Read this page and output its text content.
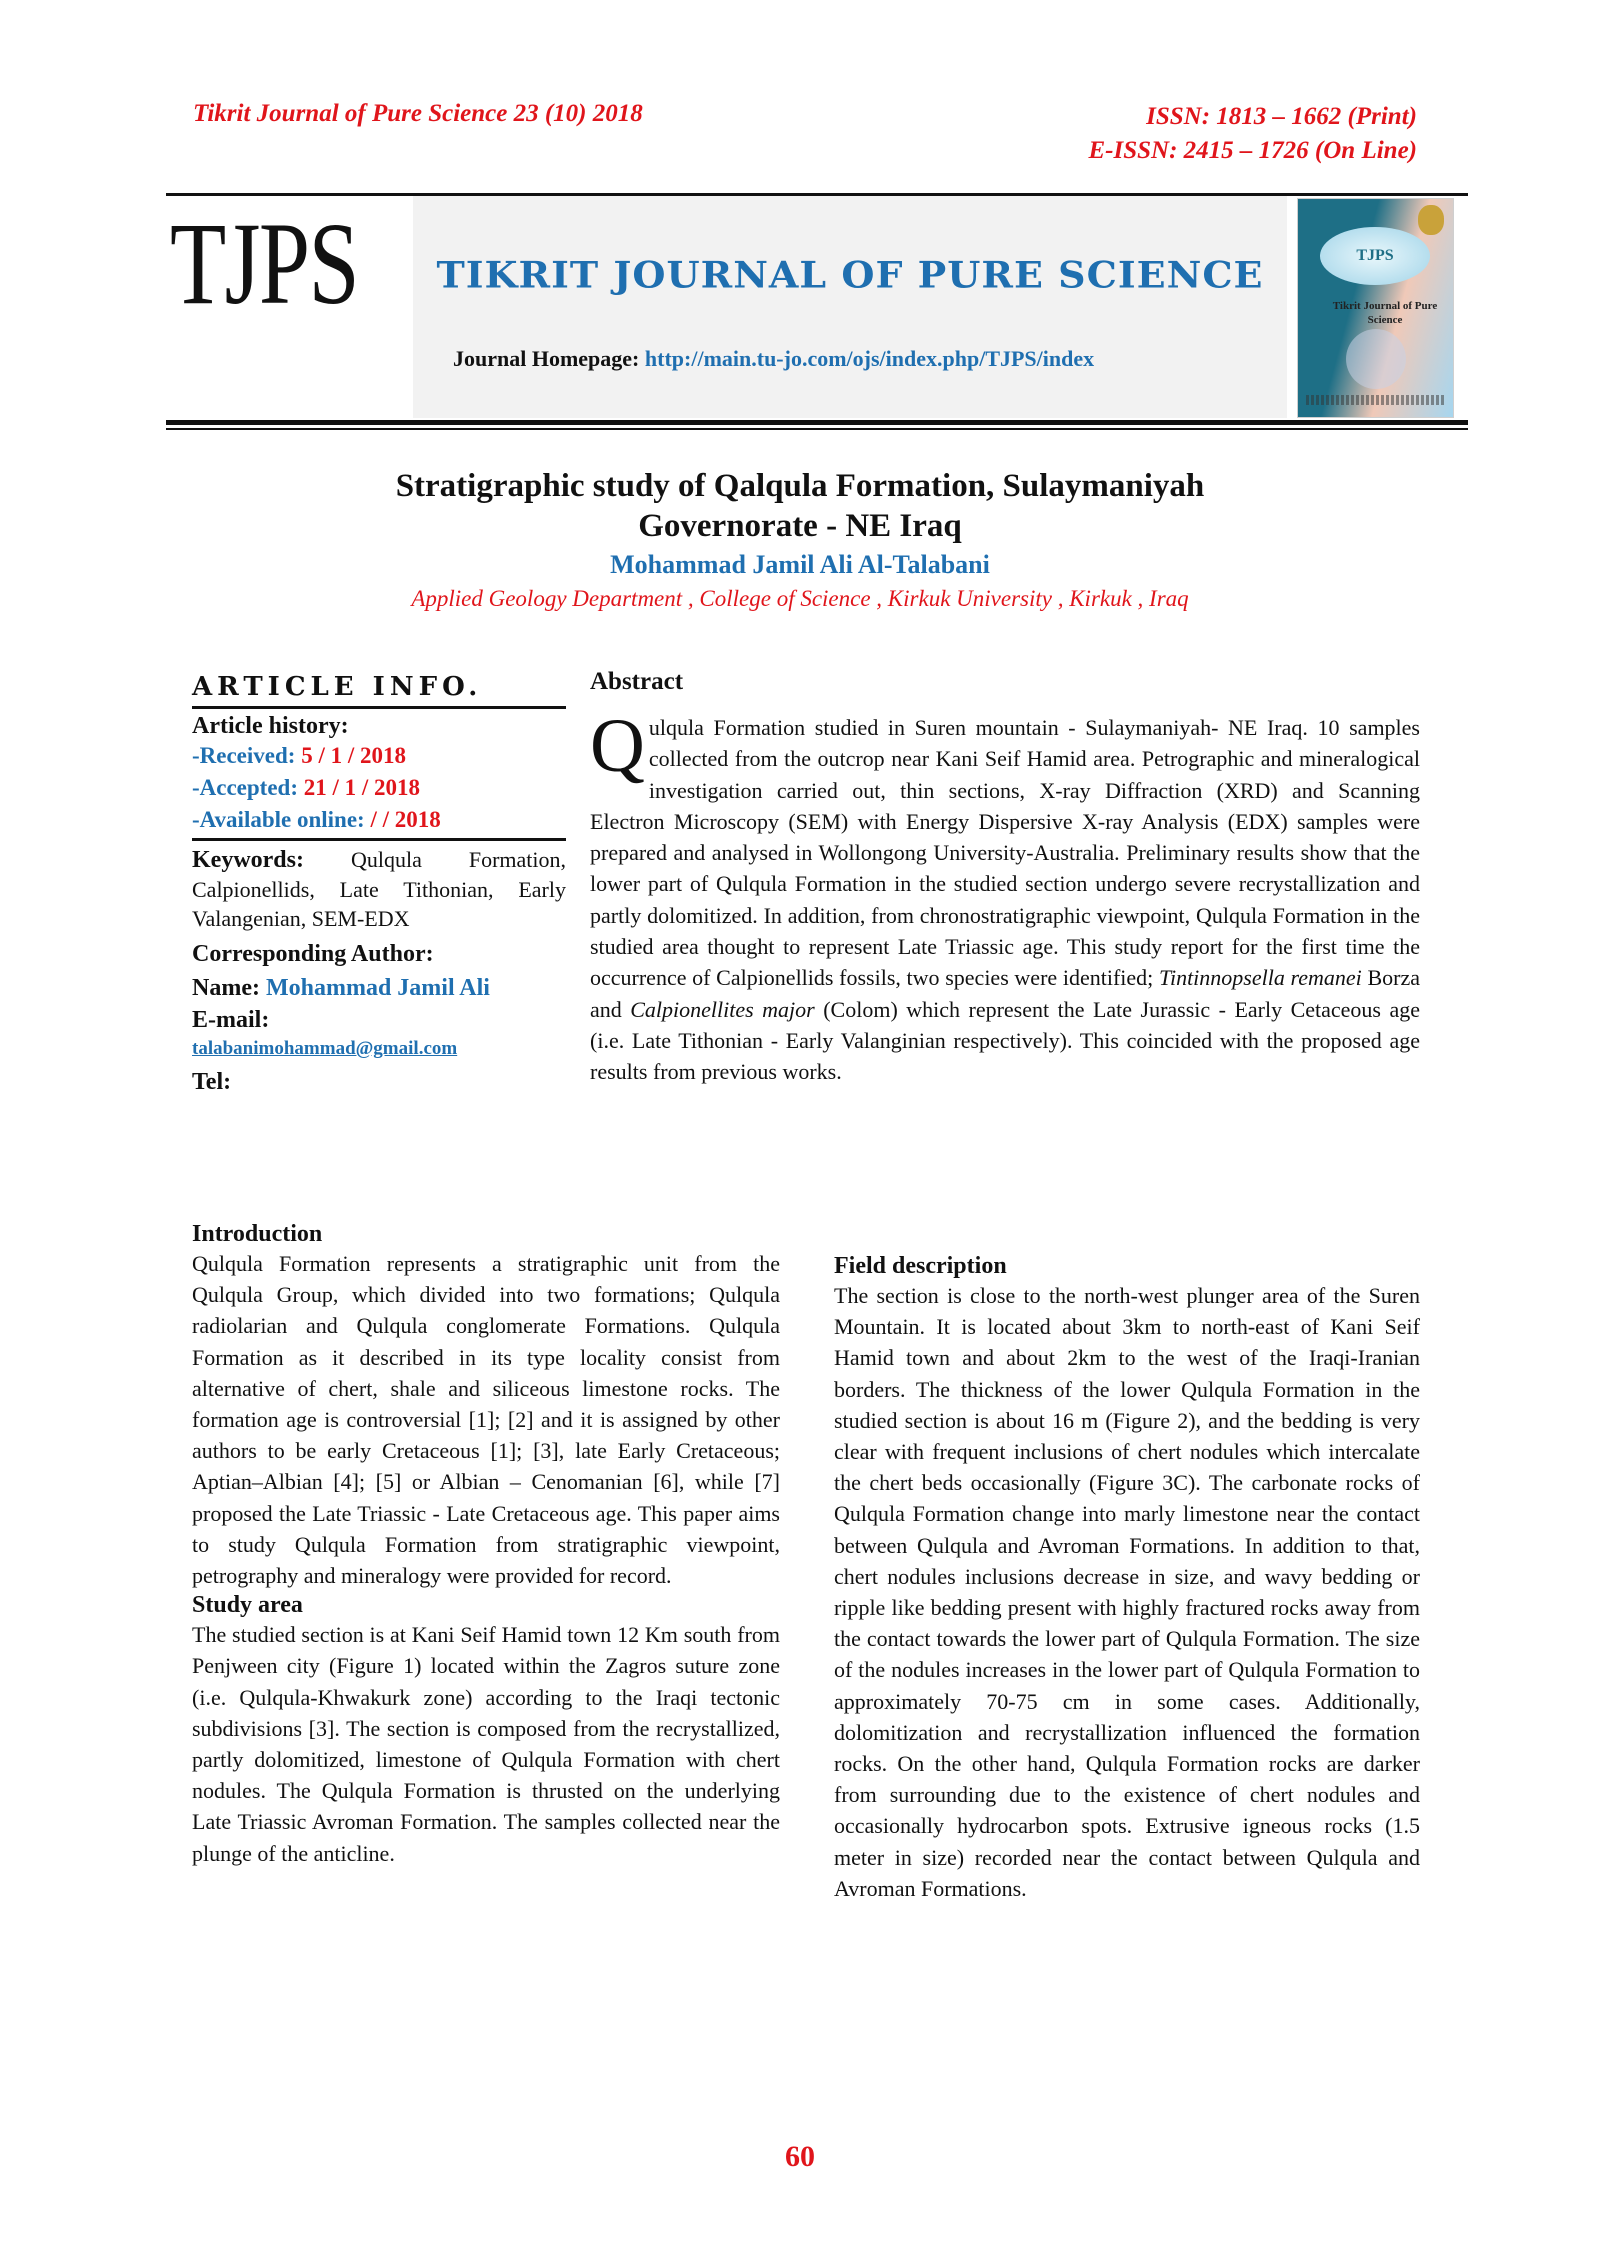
Tikrit Journal of Pure Science 23 (10) 2018	ISSN: 1813 – 1662 (Print)
E-ISSN: 2415 – 1726 (On Line)
TJPS	TIKRIT JOURNAL OF PURE SCIENCE
Journal Homepage: http://main.tu-jo.com/ojs/index.php/TJPS/index
TJPS
Tikrit Journal of Pure Science
Stratigraphic study of Qalqula Formation, Sulaymaniyah
Governorate - NE Iraq
Mohammad Jamil Ali Al-Talabani
Applied Geology Department , College of Science , Kirkuk University , Kirkuk , Iraq
ARTICLE INFO.
Article history:
-Received: 5 / 1 / 2018
-Accepted: 21 / 1 / 2018
-Available online: / / 2018
Keywords: Qulqula Formation, Calpionellids, Late Tithonian, Early Valangenian, SEM-EDX
Corresponding Author:
Name: Mohammad Jamil Ali
E-mail:
talabanimohammad@gmail.com
Tel:
Abstract
Qulqula Formation studied in Suren mountain - Sulaymaniyah- NE Iraq. 10 samples collected from the outcrop near Kani Seif Hamid area. Petrographic and mineralogical investigation carried out, thin sections, X-ray Diffraction (XRD) and Scanning Electron Microscopy (SEM) with Energy Dispersive X-ray Analysis (EDX) samples were prepared and analysed in Wollongong University-Australia. Preliminary results show that the lower part of Qulqula Formation in the studied section undergo severe recrystallization and partly dolomitized. In addition, from chronostratigraphic viewpoint, Qulqula Formation in the studied area thought to represent Late Triassic age. This study report for the first time the occurrence of Calpionellids fossils, two species were identified; Tintinnopsella remanei Borza and Calpionellites major (Colom) which represent the Late Jurassic - Early Cetaceous age (i.e. Late Tithonian - Early Valanginian respectively). This coincided with the proposed age results from previous works.
Introduction
Qulqula Formation represents a stratigraphic unit from the Qulqula Group, which divided into two formations; Qulqula radiolarian and Qulqula conglomerate Formations. Qulqula Formation as it described in its type locality consist from alternative of chert, shale and siliceous limestone rocks. The formation age is controversial [1]; [2] and it is assigned by other authors to be early Cretaceous [1]; [3], late Early Cretaceous; Aptian–Albian [4]; [5] or Albian – Cenomanian [6], while [7] proposed the Late Triassic - Late Cretaceous age. This paper aims to study Qulqula Formation from stratigraphic viewpoint, petrography and mineralogy were provided for record.
Study area
The studied section is at Kani Seif Hamid town 12 Km south from Penjween city (Figure 1) located within the Zagros suture zone (i.e. Qulqula-Khwakurk zone) according to the Iraqi tectonic subdivisions [3]. The section is composed from the recrystallized, partly dolomitized, limestone of Qulqula Formation with chert nodules. The Qulqula Formation is thrusted on the underlying Late Triassic Avroman Formation. The samples collected near the plunge of the anticline.
Field description
The section is close to the north-west plunger area of the Suren Mountain. It is located about 3km to north-east of Kani Seif Hamid town and about 2km to the west of the Iraqi-Iranian borders. The thickness of the lower Qulqula Formation in the studied section is about 16 m (Figure 2), and the bedding is very clear with frequent inclusions of chert nodules which intercalate the chert beds occasionally (Figure 3C). The carbonate rocks of Qulqula Formation change into marly limestone near the contact between Qulqula and Avroman Formations. In addition to that, chert nodules inclusions decrease in size, and wavy bedding or ripple like bedding present with highly fractured rocks away from the contact towards the lower part of Qulqula Formation. The size of the nodules increases in the lower part of Qulqula Formation to approximately 70-75 cm in some cases. Additionally, dolomitization and recrystallization influenced the formation rocks. On the other hand, Qulqula Formation rocks are darker from surrounding due to the existence of chert nodules and occasionally hydrocarbon spots. Extrusive igneous rocks (1.5 meter in size) recorded near the contact between Qulqula and Avroman Formations.
60
